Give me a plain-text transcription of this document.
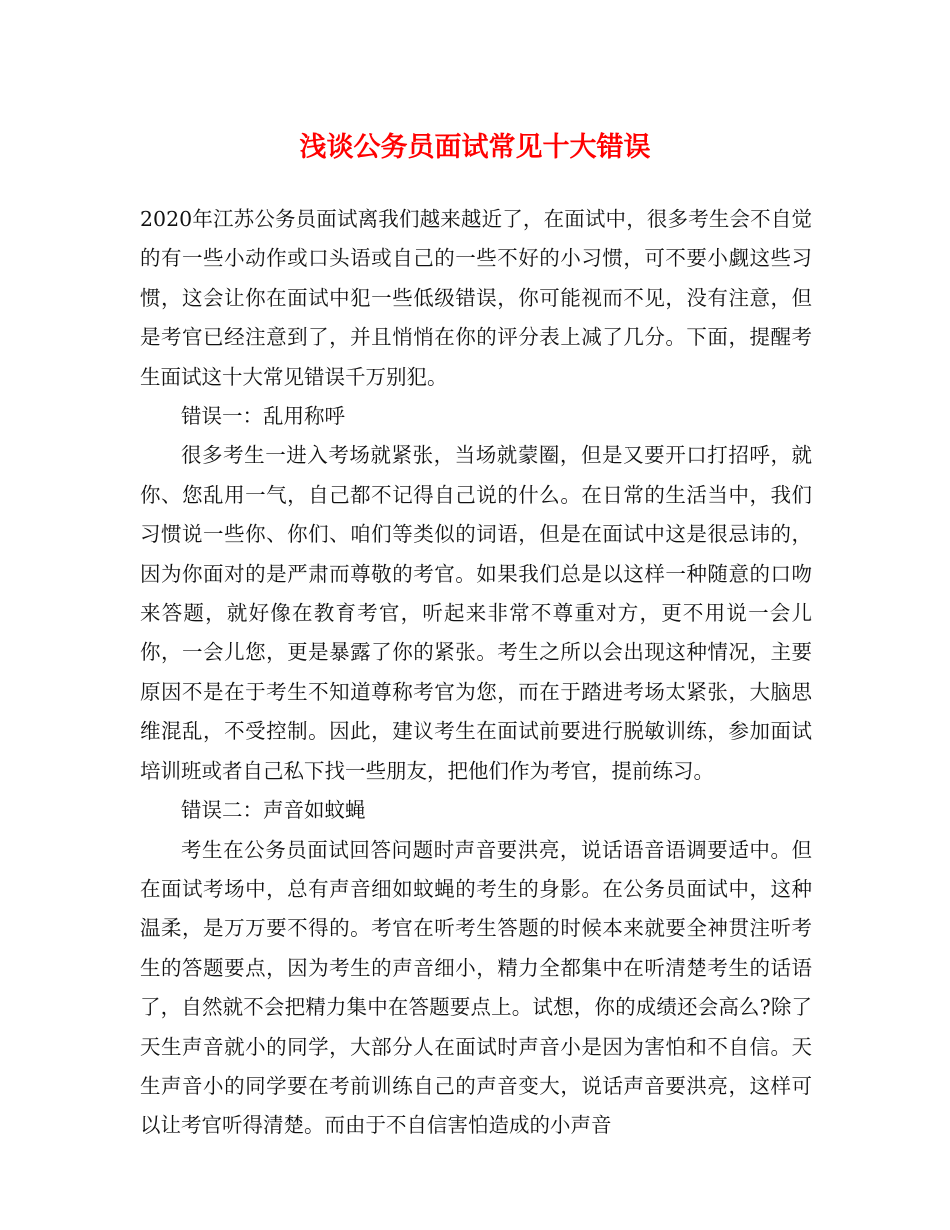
浅谈公务员面试常见十大错误

2020年江苏公务员面试离我们越来越近了，在面试中，很多考生会不自觉的有一些小动作或口头语或自己的一些不好的小习惯，可不要小觑这些习惯，这会让你在面试中犯一些低级错误，你可能视而不见，没有注意，但是考官已经注意到了，并且悄悄在你的评分表上减了几分。下面，提醒考生面试这十大常见错误千万别犯。

错误一：乱用称呼

很多考生一进入考场就紧张，当场就蒙圈，但是又要开口打招呼，就你、您乱用一气，自己都不记得自己说的什么。在日常的生活当中，我们习惯说一些你、你们、咱们等类似的词语，但是在面试中这是很忌讳的，因为你面对的是严肃而尊敬的考官。如果我们总是以这样一种随意的口吻来答题，就好像在教育考官，听起来非常不尊重对方，更不用说一会儿你，一会儿您，更是暴露了你的紧张。考生之所以会出现这种情况，主要原因不是在于考生不知道尊称考官为您，而在于踏进考场太紧张，大脑思维混乱，不受控制。因此，建议考生在面试前要进行脱敏训练，参加面试培训班或者自己私下找一些朋友，把他们作为考官，提前练习。

错误二：声音如蚊蝇

考生在公务员面试回答问题时声音要洪亮，说话语音语调要适中。但在面试考场中，总有声音细如蚊蝇的考生的身影。在公务员面试中，这种温柔，是万万要不得的。考官在听考生答题的时候本来就要全神贯注听考生的答题要点，因为考生的声音细小，精力全都集中在听清楚考生的话语了，自然就不会把精力集中在答题要点上。试想，你的成绩还会高么?除了天生声音就小的同学，大部分人在面试时声音小是因为害怕和不自信。天生声音小的同学要在考前训练自己的声音变大，说话声音要洪亮，这样可以让考官听得清楚。而由于不自信害怕造成的小声音
